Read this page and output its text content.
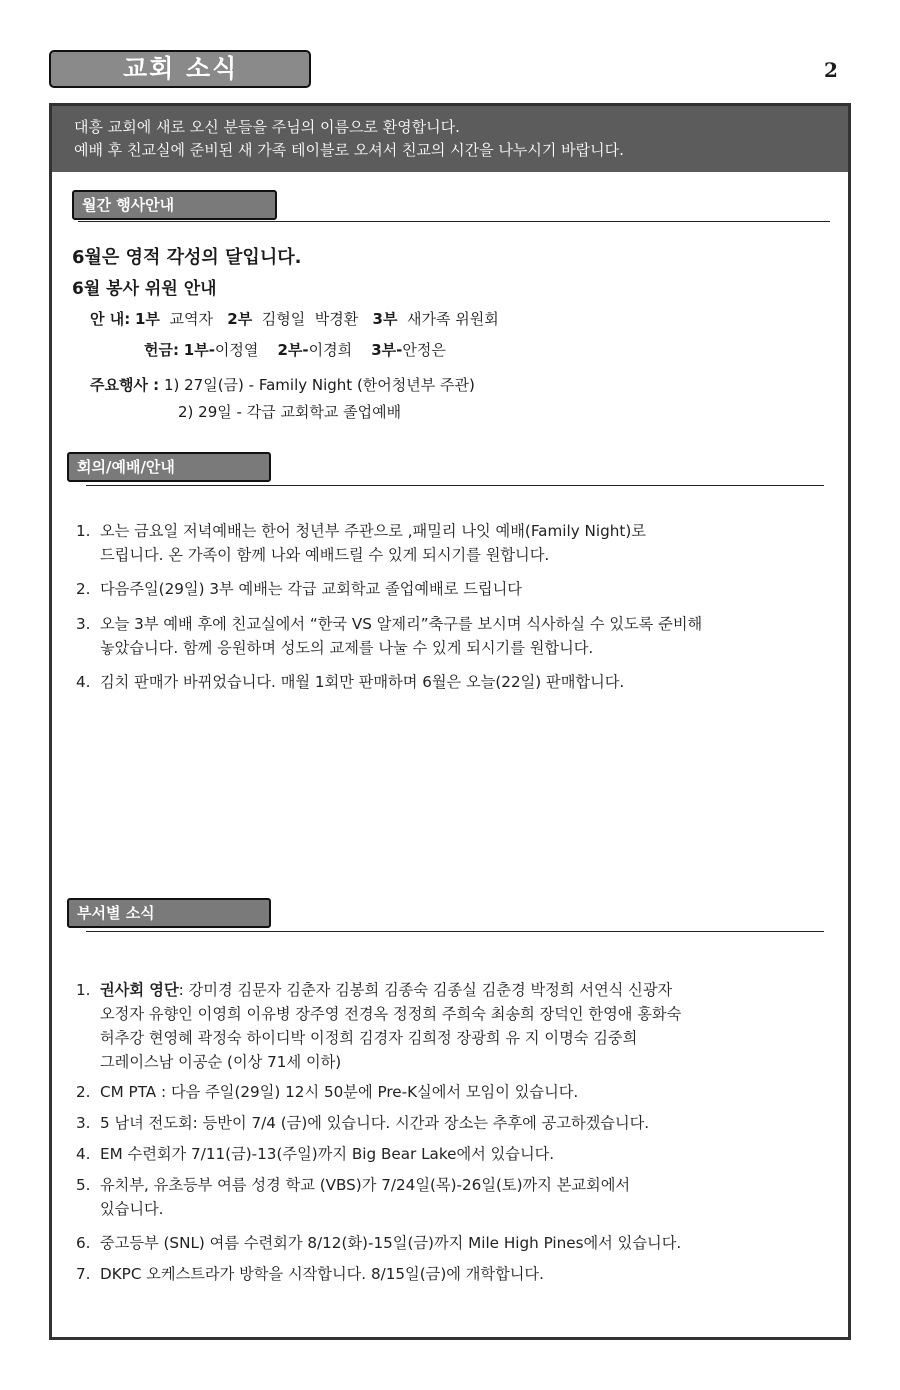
교회 소식	2
대흥 교회에 새로 오신 분들을 주님의 이름으로 환영합니다.
예배 후 친교실에 준비된 새 가족 테이블로 오셔서 친교의 시간을 나누시기 바랍니다.
월간 행사안내
6월은 영적 각성의 달입니다.
6월 봉사 위원 안내
안 내: 1부 교역자 2부 김형일  박경환 3부 새가족 위원회
헌금: 1부-이정열 2부-이경희 3부-안정은
주요행사 : 1) 27일(금) - Family Night (한어청년부 주관)
2) 29일 - 각급 교회학교 졸업예배
회의/예배/안내
1. 오는 금요일 저녁예배는 한어 청년부 주관으로 ,패밀리 나잇 예배(Family Night)로
드립니다. 온 가족이 함께 나와 예배드릴 수 있게 되시기를 원합니다.
2. 다음주일(29일) 3부 예배는 각급 교회학교 졸업예배로 드립니다
3. 오늘 3부 예배 후에 친교실에서 “한국 VS 알제리”축구를 보시며 식사하실 수 있도록 준비해
놓았습니다. 함께 응원하며 성도의 교제를 나눌 수 있게 되시기를 원합니다.
4. 김치 판매가 바뀌었습니다. 매월 1회만 판매하며 6월은 오늘(22일) 판매합니다.
부서별 소식
1. 권사회 영단: 강미경 김문자 김춘자 김봉희 김종숙 김종실 김춘경 박정희 서연식 신광자
오정자 유향인 이영희 이유병 장주영 전경옥 정정희 주희숙 최송희 장덕인 한영애 홍화숙
허추강 현영혜 곽정숙 하이디박 이정희 김경자 김희정 장광희 유 지 이명숙 김중희
그레이스남 이공순 (이상 71세 이하)
2. CM PTA : 다음 주일(29일) 12시 50분에 Pre-K실에서 모임이 있습니다.
3. 5 남녀 전도회: 등반이 7/4 (금)에 있습니다. 시간과 장소는 추후에 공고하겠습니다.
4. EM 수련회가 7/11(금)-13(주일)까지 Big Bear Lake에서 있습니다.
5. 유치부, 유초등부 여름 성경 학교 (VBS)가 7/24일(목)-26일(토)까지 본교회에서
있습니다.
6. 중고등부 (SNL) 여름 수련회가 8/12(화)-15일(금)까지 Mile High Pines에서 있습니다.
7. DKPC 오케스트라가 방학을 시작합니다. 8/15일(금)에 개학합니다.
